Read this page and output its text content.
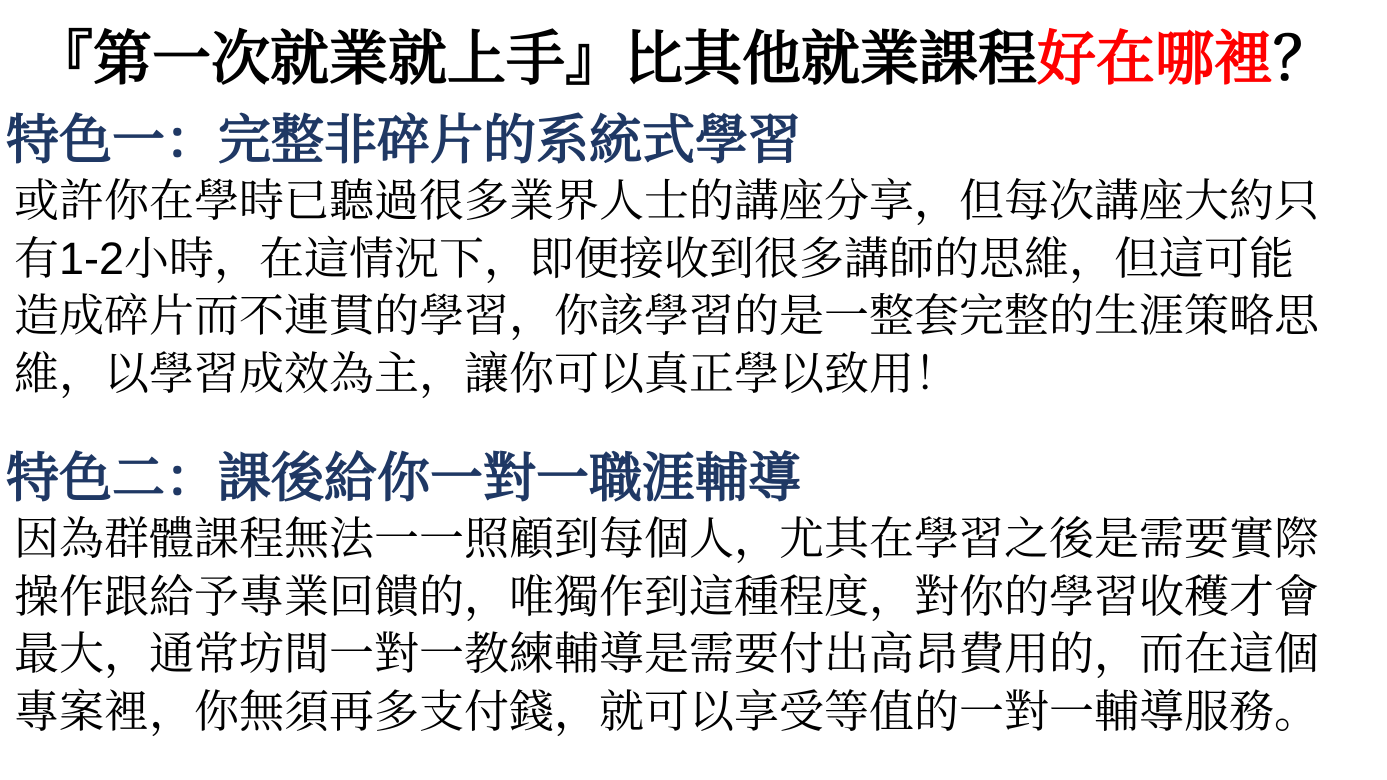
『第一次就業就上手』比其他就業課程好在哪裡？
特色一：完整非碎片的系統式學習
或許你在學時已聽過很多業界人士的講座分享，但每次講座大約只
有1-2小時，在這情況下，即便接收到很多講師的思維，但這可能
造成碎片而不連貫的學習，你該學習的是一整套完整的生涯策略思
維，以學習成效為主，讓你可以真正學以致用！
特色二：課後給你一對一職涯輔導
因為群體課程無法一一照顧到每個人，尤其在學習之後是需要實際
操作跟給予專業回饋的，唯獨作到這種程度，對你的學習收穫才會
最大，通常坊間一對一教練輔導是需要付出高昂費用的，而在這個
專案裡，你無須再多支付錢，就可以享受等值的一對一輔導服務。
